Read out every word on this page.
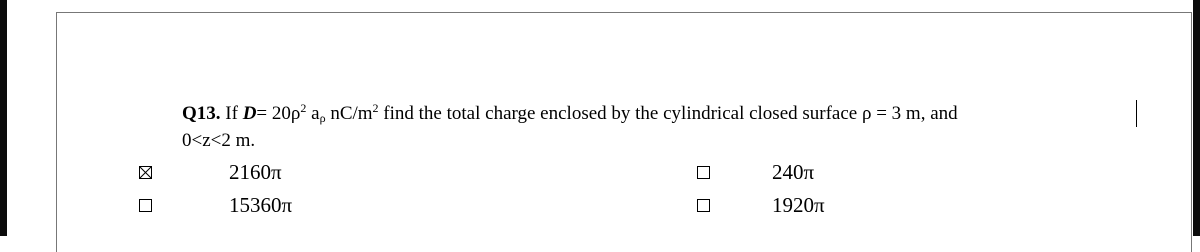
Q13. If $D= 20\rho^2$ $a_\rho$ $nC/m^2$ find the total charge enclosed by the cylindrical closed surface ρ = 3 m, and
0<z<2 m.
2160π	240π
15360π	1920π
